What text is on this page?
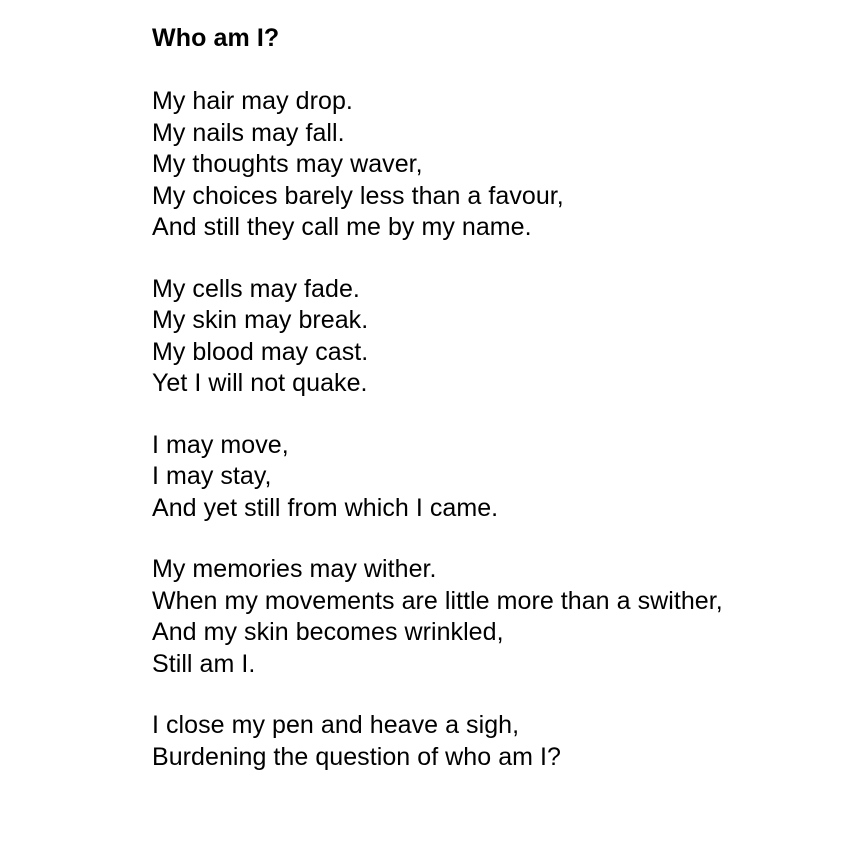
Who am I?
My hair may drop.
My nails may fall.
My thoughts may waver,
My choices barely less than a favour,
And still they call me by my name.
My cells may fade.
My skin may break.
My blood may cast.
Yet I will not quake.
I may move,
I may stay,
And yet still from which I came.
My memories may wither.
When my movements are little more than a swither,
And my skin becomes wrinkled,
Still am I.
I close my pen and heave a sigh,
Burdening the question of who am I?
